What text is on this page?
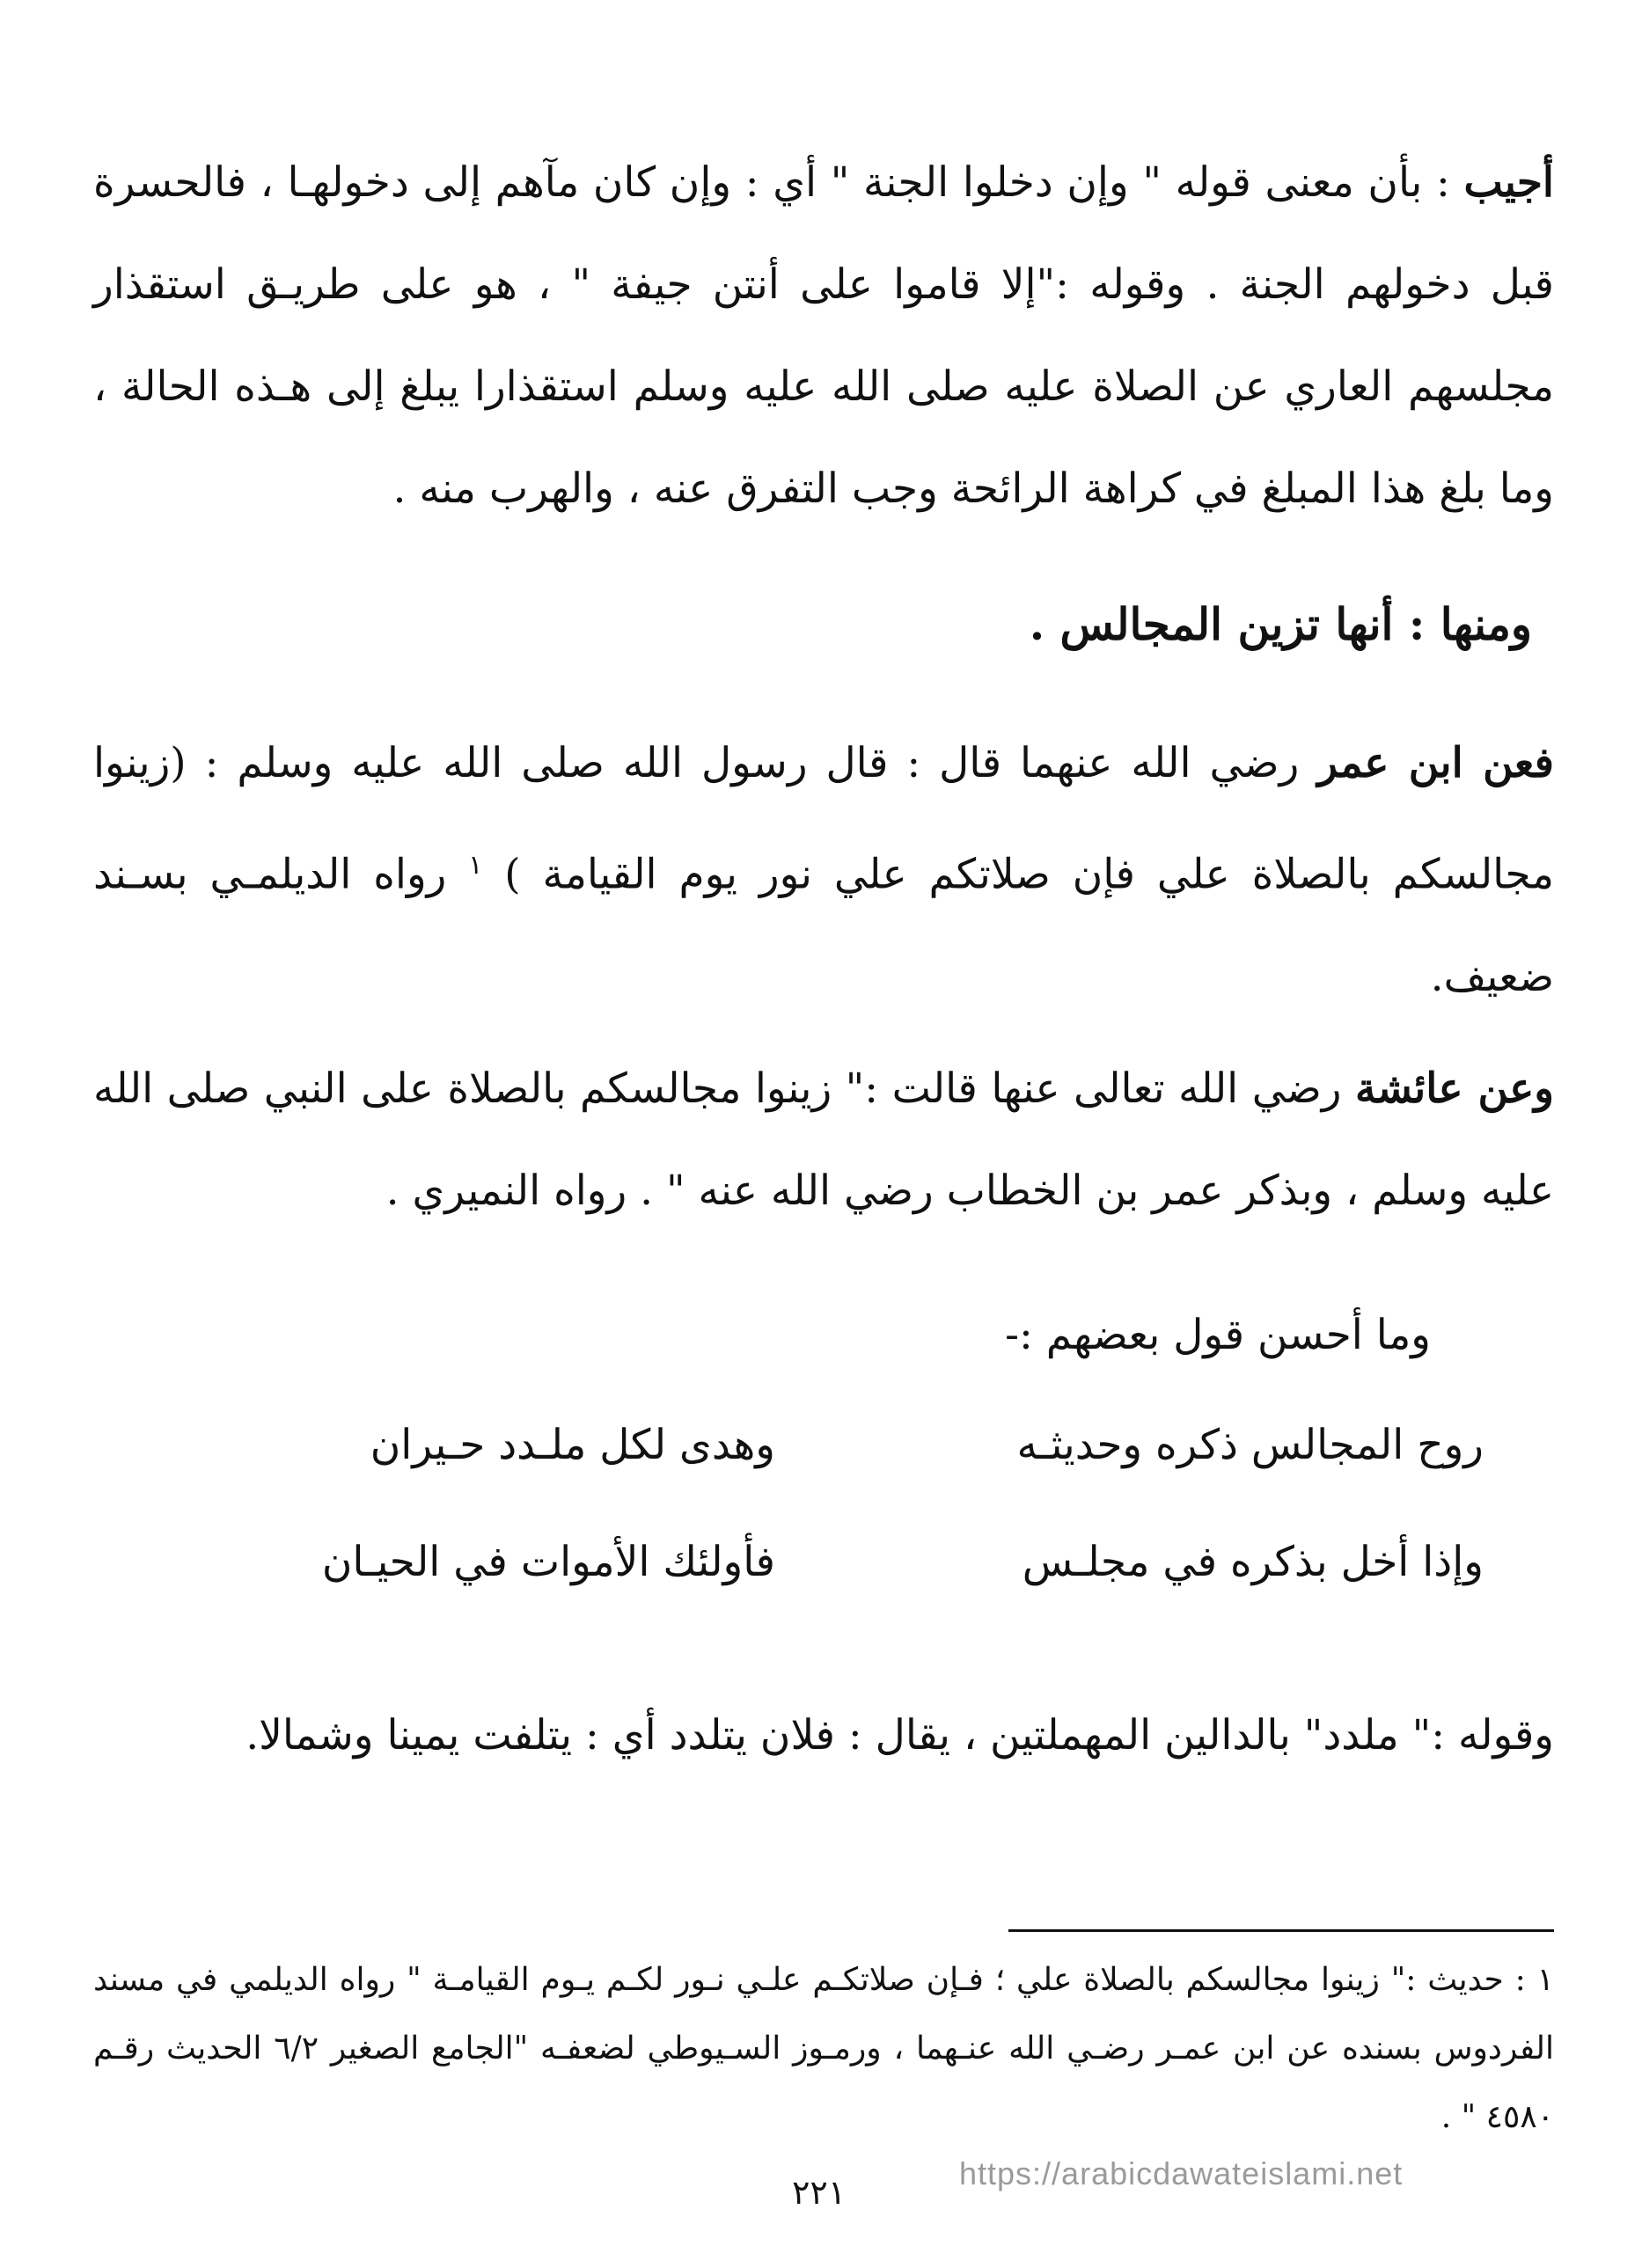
أجيب : بأن معنى قوله " وإن دخلوا الجنة " أي : وإن كان مآهم إلى دخولهـا ، فالحسرة قبل دخولهم الجنة . وقوله :"إلا قاموا على أنتن جيفة " ، هو على طريـق استقذار مجلسهم العاري عن الصلاة عليه صلى الله عليه وسلم استقذارا يبلغ إلى هـذه الحالة ، وما بلغ هذا المبلغ في كراهة الرائحة وجب التفرق عنه ، والهرب منه .

ومنها : أنها تزين المجالس .

فعن ابن عمر رضي الله عنهما قال : قال رسول الله صلى الله عليه وسلم : (زينوا مجالسكم بالصلاة علي فإن صلاتكم علي نور يوم القيامة ) $^١$ رواه الديلمـي بسـند ضعيف.

وعن عائشة رضي الله تعالى عنها قالت :" زينوا مجالسكم بالصلاة على النبي صلى الله عليه وسلم ، وبذكر عمر بن الخطاب رضي الله عنه " . رواه النميري .

وما أحسن قول بعضهم :-
روح المجالس ذكره وحديثـه
وهدى لكل ملـدد حـيران
وإذا أخل بذكره في مجلـس
فأولئك الأموات في الحيـان

وقوله :" ملدد" بالدالين المهملتين ، يقال : فلان يتلدد أي : يتلفت يمينا وشمالا.

١ : حديث :" زينوا مجالسكم بالصلاة علي ؛ فـإن صلاتكـم علـي نـور لكـم يـوم القيامـة " رواه الديلمي في مسند الفردوس بسنده عن ابن عمـر رضـي الله عنـهما ، ورمـوز السـيوطي لضعفـه "الجامع الصغير ٦/٢ الحديث رقـم ٤٥٨٠ " .

٢٢١	https://arabicdawateislami.net
